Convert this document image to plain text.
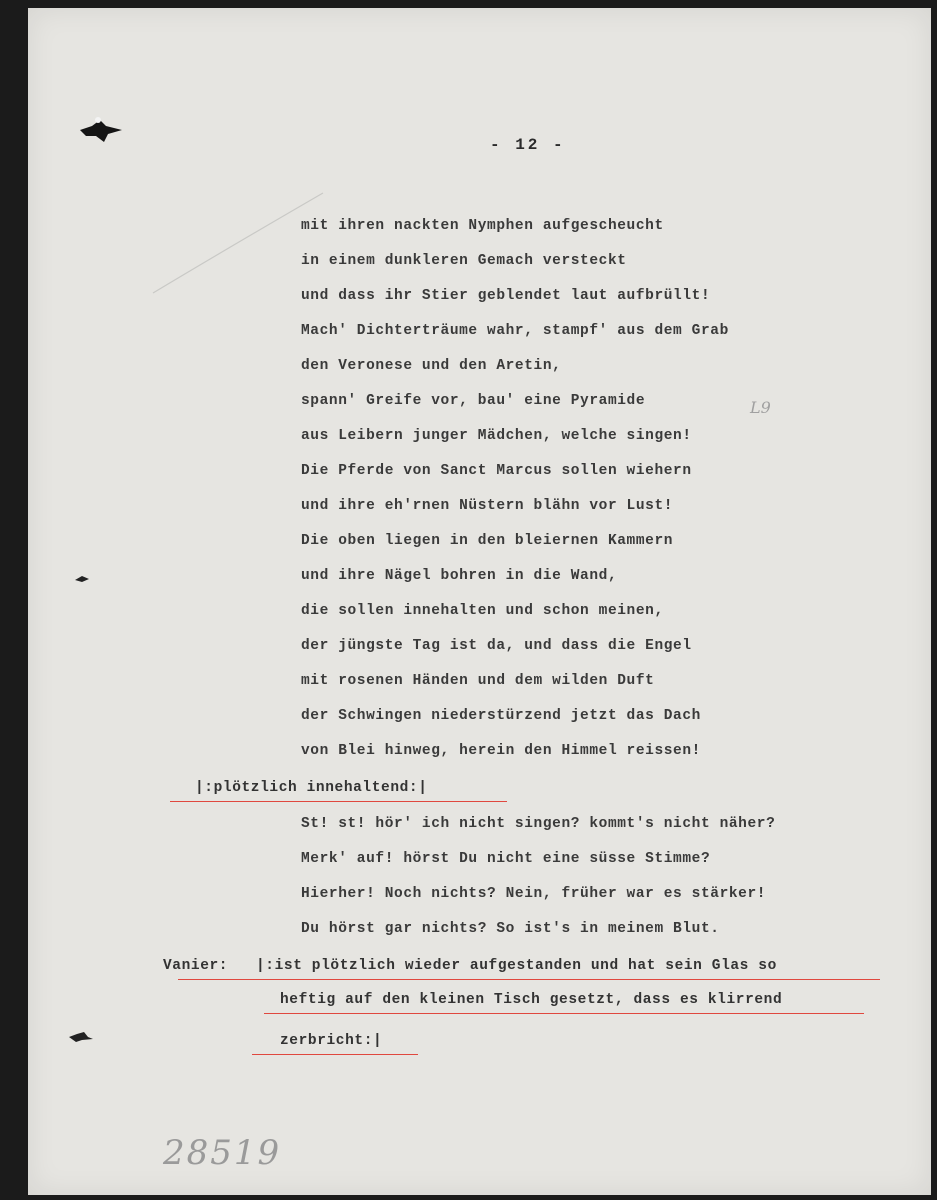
- 12 -
mit ihren nackten Nymphen aufgescheucht
in einem dunkleren Gemach versteckt
und dass ihr Stier geblendet laut aufbrüllt!
Mach' Dichterträume wahr, stampf' aus dem Grab
den Veronese und den Aretin,
spann' Greife vor, bau' eine Pyramide
aus Leibern junger Mädchen, welche singen!
Die Pferde von Sanct Marcus sollen wiehern
und ihre eh'rnen Nüstern blähn vor Lust!
Die oben liegen in den bleiernen Kammern
und ihre Nägel bohren in die Wand,
die sollen innehalten und schon meinen,
der jüngste Tag ist da, und dass die Engel
mit rosenen Händen und dem wilden Duft
der Schwingen niederstürzend jetzt das Dach
von Blei hinweg, herein den Himmel reissen!
|:plötzlich innehaltend:|
St! st! hör' ich nicht singen? kommt's nicht näher?
Merk' auf! hörst Du nicht eine süsse Stimme?
Hierher! Noch nichts? Nein, früher war es stärker!
Du hörst gar nichts? So ist's in meinem Blut.
Vanier: |:ist plötzlich wieder aufgestanden und hat sein Glas so
heftig auf den kleinen Tisch gesetzt, dass es klirrend
zerbricht:|
L9
28519
